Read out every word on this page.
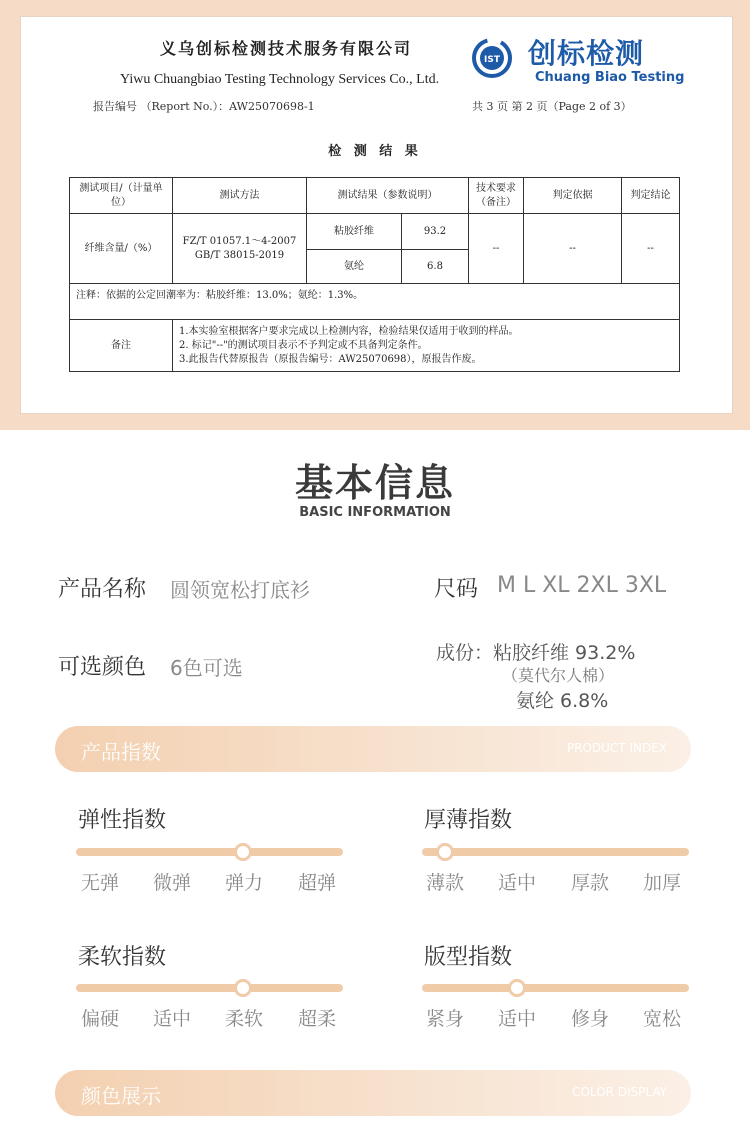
义乌创标检测技术服务有限公司
Yiwu Chuangbiao Testing Technology Services Co., Ltd.
IST 创标检测
Chuang Biao Testing
报告编号 （Report No.）：AW25070698-1	共 3 页 第 2 页（Page 2 of 3）
检 测 结 果
测试项目/（计量单位）	测试方法	测试结果（参数说明）		技术要求（备注）	判定依据	判定结论
纤维含量/（%）	FZ/T 01057.1～4-2007
GB/T 38015-2019	粘胶纤维	93.2	--	--	--
		氨纶	6.8			
注释：依据的公定回潮率为：粘胶纤维：13.0%；氨纶：1.3%。						

备注	1.本实验室根据客户要求完成以上检测内容，检验结果仅适用于收到的样品。
2. 标记"--"的测试项目表示不予判定或不具备判定条件。
3.此报告代替原报告（原报告编号：AW25070698），原报告作废。					
基本信息
BASIC INFORMATION
产品名称 圆领宽松打底衫	尺码 M L XL 2XL 3XL
可选颜色 6色可选
成份：粘胶纤维 93.2%
（莫代尔人棉）
氨纶 6.8%
产品指数	PRODUCT INDEX
弹性指数
无弹	微弹	弹力	超弹
厚薄指数
薄款	适中	厚款	加厚
柔软指数
偏硬	适中	柔软	超柔
版型指数
紧身	适中	修身	宽松
颜色展示	COLOR DISPLAY
